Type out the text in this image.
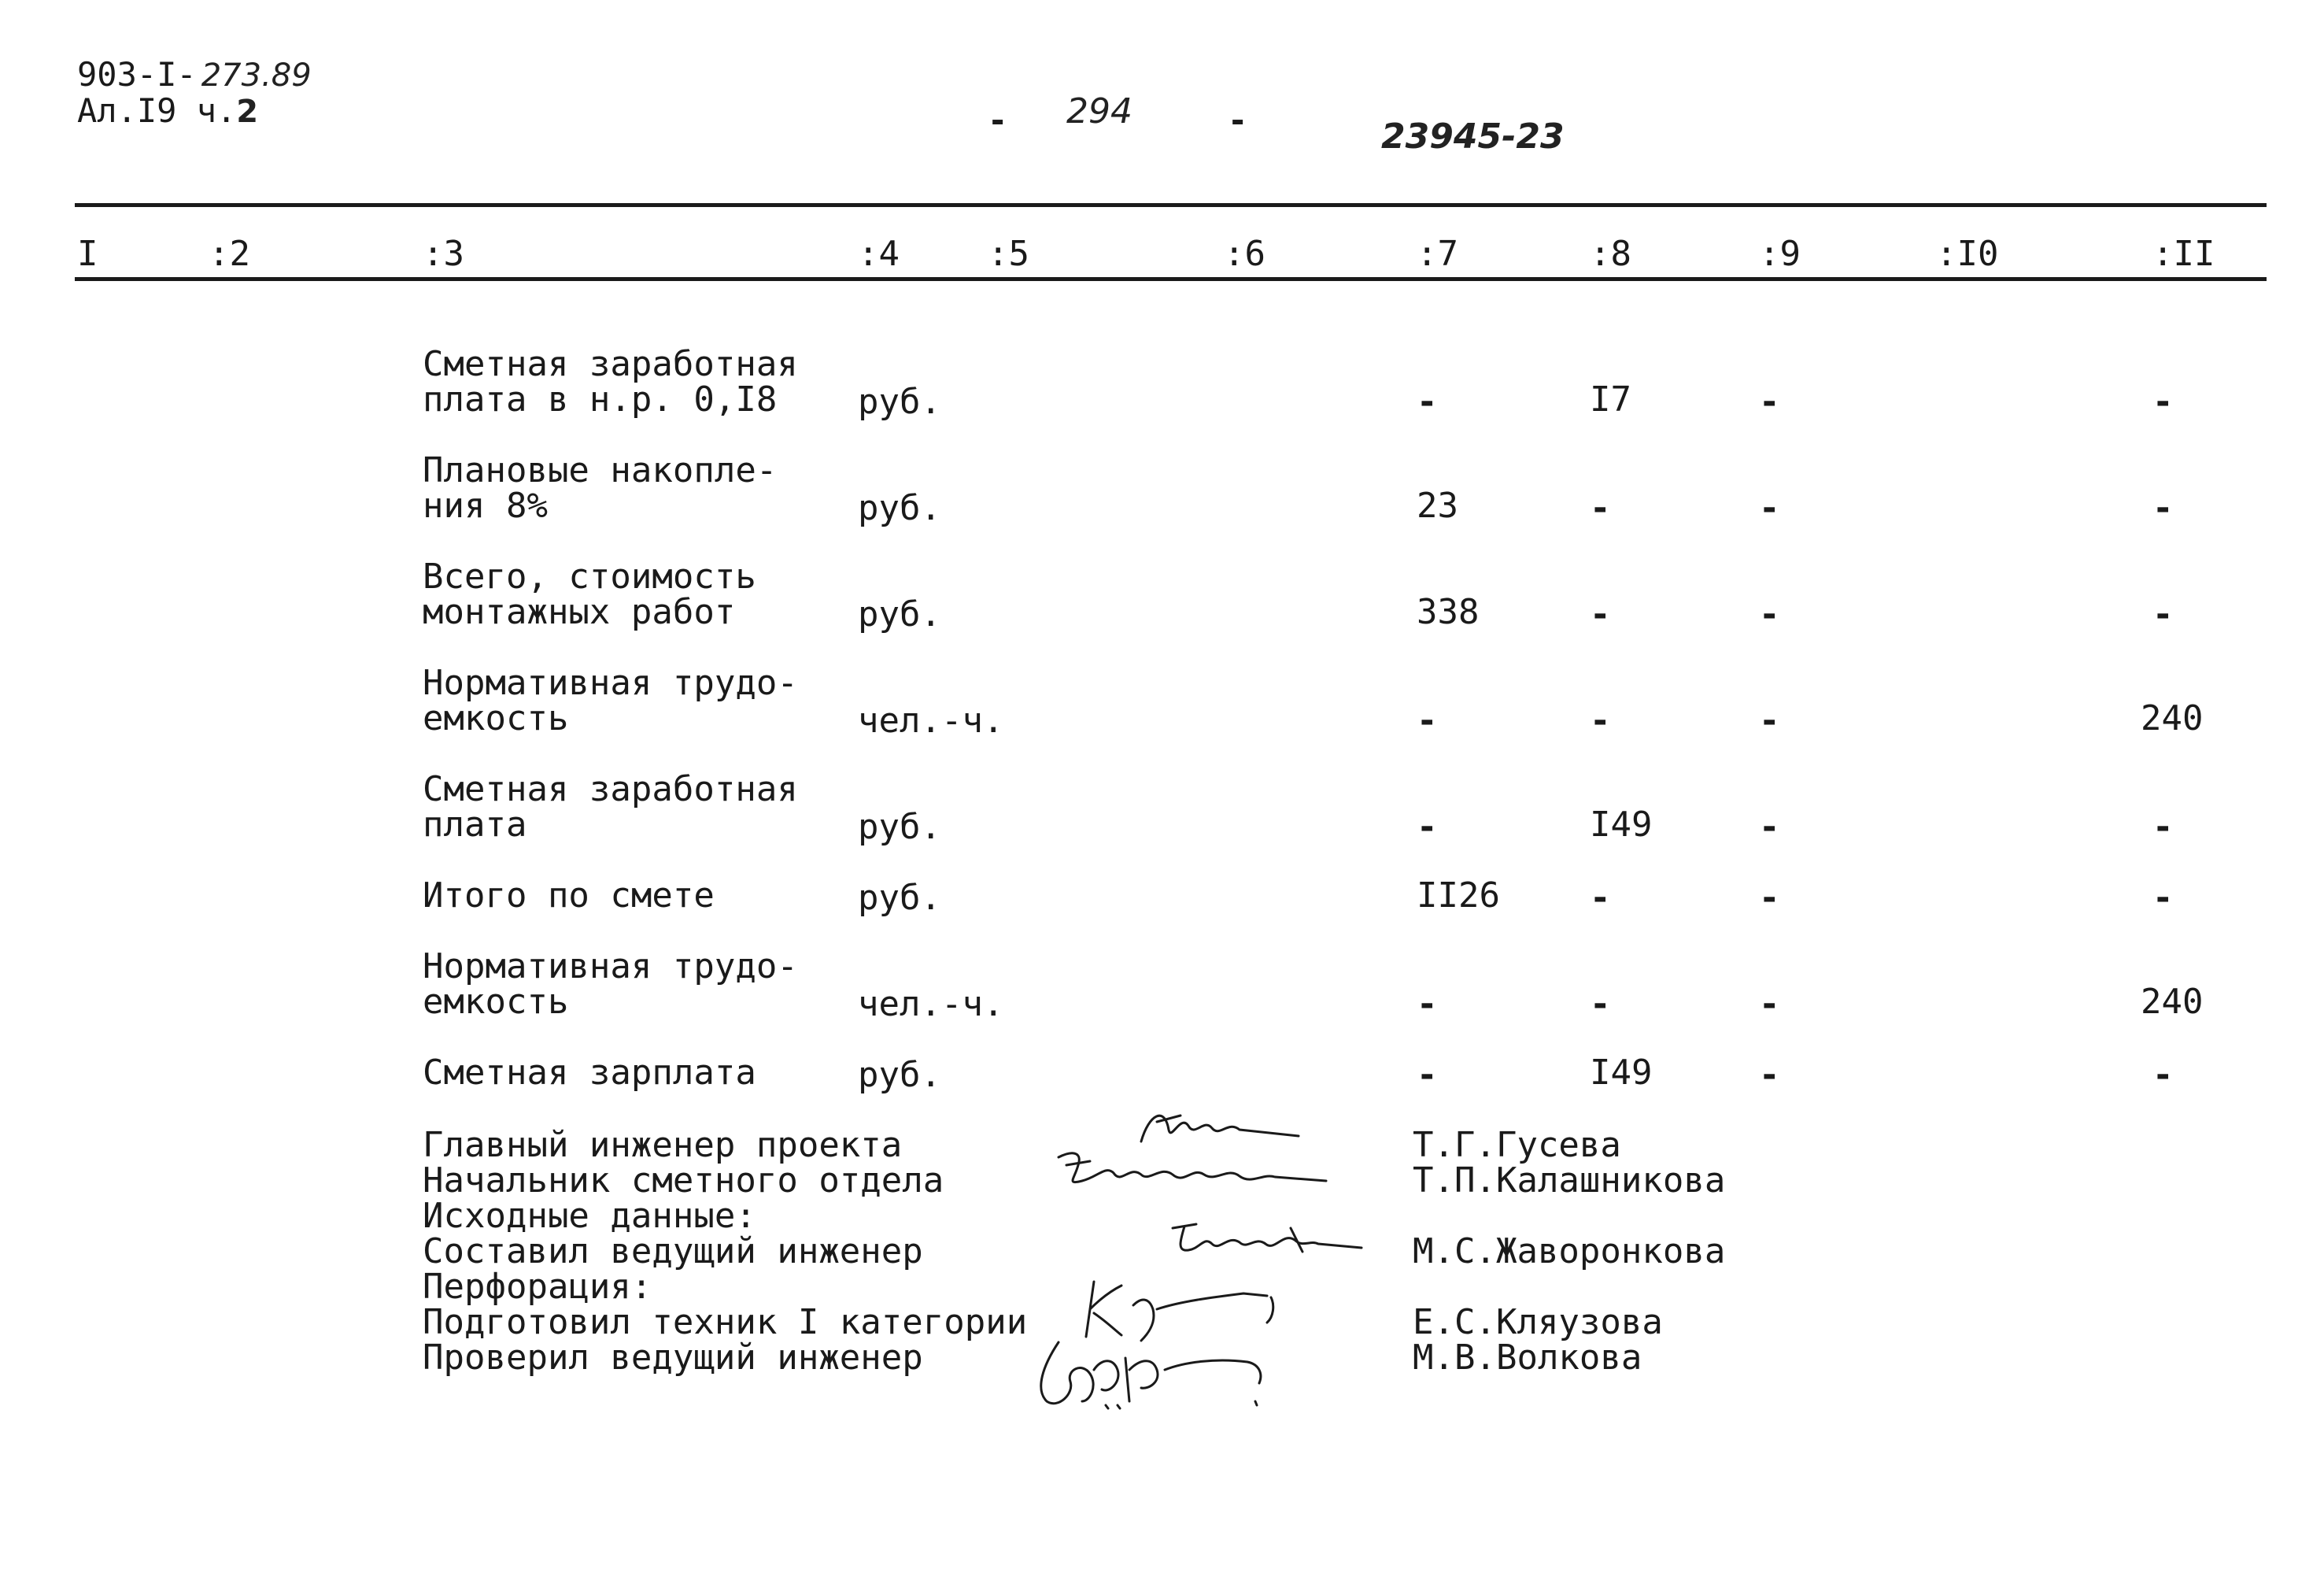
903-I- 273.89
Ал.I9 ч.2	- 294	-	23945-23
I	:2	:3	:4	:5	:6	:7	:8	:9	:I0	:II
Сметная заработная
плата в н.р. 0,I8 руб.	-	I7	-	-
Плановые накопле-
ния 8%	руб.	23	-	-	-
Всего, стоимость
монтажных работ	руб.	338	-	-	-
Нормативная трудо-
емкость	чел.-ч.	-	-	-	240
Сметная заработная
плата	руб.	-	I49	-	-
Итого по смете	руб.	II26	-	-	-
Нормативная трудо-
емкость	чел.-ч.	-	-	-	240
Сметная зарплата	руб.	-	I49	-	-
Главный инженер проекта	Т.Г.Гусева
Начальник сметного отдела	Т.П.Калашникова
Исходные данные:
Составил ведущий инженер	М.С.Жаворонкова
Перфорация:
Подготовил техник I категории	Е.С.Кляузова
Проверил ведущий инженер	М.В.Волкова
